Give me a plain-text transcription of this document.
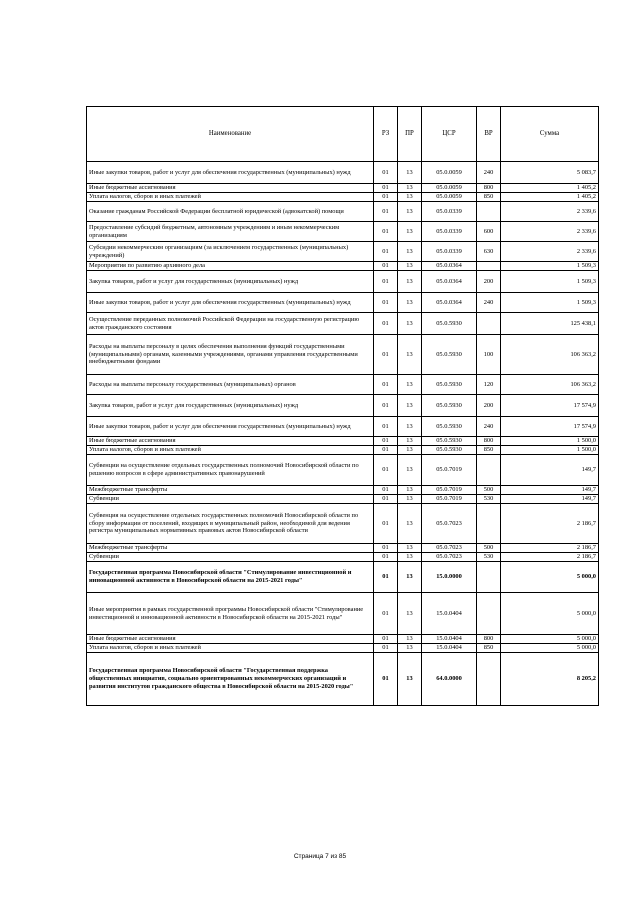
Наименование	РЗ	ПР	ЦСР	ВР	Сумма
Иные закупки товаров, работ и услуг для обеспечения государственных (муниципальных) нужд	01	13	05.0.0059	240	5 083,7
Иные бюджетные ассигнования	01	13	05.0.0059	800	1 405,2
Уплата налогов, сборов и иных платежей	01	13	05.0.0059	850	1 405,2
Оказание гражданам Российской Федерации бесплатной юридической (адвокатской) помощи	01	13	05.0.0339		2 339,6
Предоставление субсидий бюджетным, автономным учреждениям и иным некоммерческим организациям	01	13	05.0.0339	600	2 339,6
Субсидии некоммерческим организациям (за исключением государственных (муниципальных) учреждений)	01	13	05.0.0339	630	2 339,6
Мероприятия по развитию архивного дела	01	13	05.0.0364		1 509,3
Закупка товаров, работ и услуг для государственных (муниципальных) нужд	01	13	05.0.0364	200	1 509,3
Иные закупки товаров, работ и услуг для обеспечения государственных (муниципальных) нужд	01	13	05.0.0364	240	1 509,3
Осуществление переданных полномочий Российской Федерации на государственную регистрацию актов гражданского состояния	01	13	05.0.5930		125 438,1
Расходы на выплаты персоналу в целях обеспечения выполнения функций государственными (муниципальными) органами, казенными учреждениями, органами управления государственными внебюджетными фондами	01	13	05.0.5930	100	106 363,2
Расходы на выплаты персоналу государственных (муниципальных) органов	01	13	05.0.5930	120	106 363,2
Закупка товаров, работ и услуг для государственных (муниципальных) нужд	01	13	05.0.5930	200	17 574,9
Иные закупки товаров, работ и услуг для обеспечения государственных (муниципальных) нужд	01	13	05.0.5930	240	17 574,9
Иные бюджетные ассигнования	01	13	05.0.5930	800	1 500,0
Уплата налогов, сборов и иных платежей	01	13	05.0.5930	850	1 500,0
Субвенции на осуществление отдельных государственных полномочий Новосибирской области по решению вопросов в сфере административных правонарушений	01	13	05.0.7019		149,7
Межбюджетные трансферты	01	13	05.0.7019	500	149,7
Субвенции	01	13	05.0.7019	530	149,7
Субвенция на осуществление отдельных государственных полномочий Новосибирской области по сбору информации от поселений, входящих в муниципальный район, необходимой для ведения регистра муниципальных нормативных правовых актов Новосибирской области	01	13	05.0.7023		2 186,7
Межбюджетные трансферты	01	13	05.0.7023	500	2 186,7
Субвенции	01	13	05.0.7023	530	2 186,7
Государственная программа Новосибирской области "Стимулирование инвестиционной и инновационной активности в Новосибирской области на 2015-2021 годы"	01	13	15.0.0000		5 000,0
Иные мероприятия в рамках государственной программы Новосибирской области "Стимулирование инвестиционной и инновационной активности в Новосибирской области на 2015-2021 годы"	01	13	15.0.0404		5 000,0
Иные бюджетные ассигнования	01	13	15.0.0404	800	5 000,0
Уплата налогов, сборов и иных платежей	01	13	15.0.0404	850	5 000,0
Государственная программа Новосибирской области "Государственная поддержка общественных инициатив, социально ориентированных некоммерческих организаций и развития институтов гражданского общества в Новосибирской области на 2015-2020 годы"	01	13	64.0.0000		8 205,2
Страница 7 из 85
